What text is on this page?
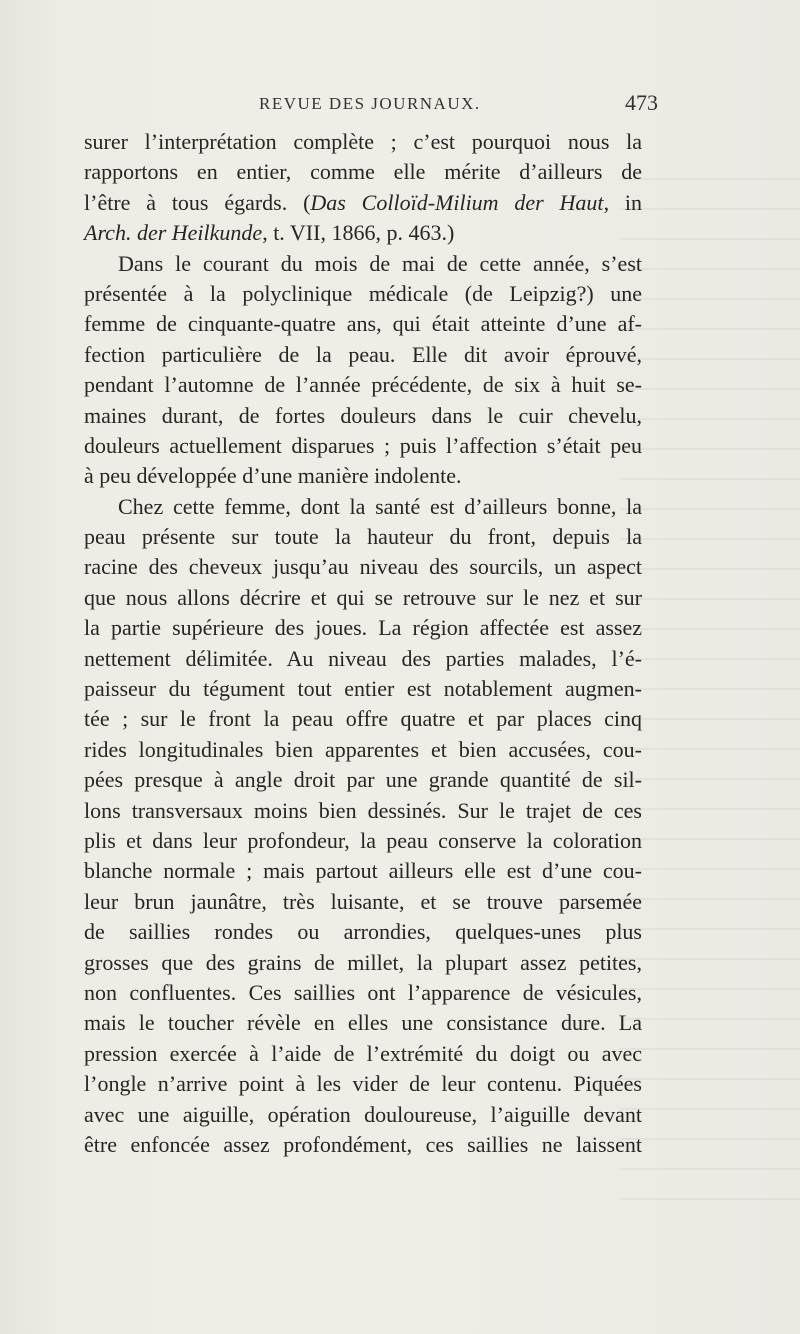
REVUE DES JOURNAUX.	473
surer l’interprétation complète ; c’est pourquoi nous la
rapportons en entier, comme elle mérite d’ailleurs de
l’être à tous égards. (Das Colloïd-Milium der Haut, in
Arch. der Heilkunde, t. VII, 1866, p. 463.)
Dans le courant du mois de mai de cette année, s’est
présentée à la polyclinique médicale (de Leipzig?) une
femme de cinquante-quatre ans, qui était atteinte d’une af-
fection particulière de la peau. Elle dit avoir éprouvé,
pendant l’automne de l’année précédente, de six à huit se-
maines durant, de fortes douleurs dans le cuir chevelu,
douleurs actuellement disparues ; puis l’affection s’était peu
à peu développée d’une manière indolente.
Chez cette femme, dont la santé est d’ailleurs bonne, la
peau présente sur toute la hauteur du front, depuis la
racine des cheveux jusqu’au niveau des sourcils, un aspect
que nous allons décrire et qui se retrouve sur le nez et sur
la partie supérieure des joues. La région affectée est assez
nettement délimitée. Au niveau des parties malades, l’é-
paisseur du tégument tout entier est notablement augmen-
tée ; sur le front la peau offre quatre et par places cinq
rides longitudinales bien apparentes et bien accusées, cou-
pées presque à angle droit par une grande quantité de sil-
lons transversaux moins bien dessinés. Sur le trajet de ces
plis et dans leur profondeur, la peau conserve la coloration
blanche normale ; mais partout ailleurs elle est d’une cou-
leur brun jaunâtre, très luisante, et se trouve parsemée
de saillies rondes ou arrondies, quelques-unes plus
grosses que des grains de millet, la plupart assez petites,
non confluentes. Ces saillies ont l’apparence de vésicules,
mais le toucher révèle en elles une consistance dure. La
pression exercée à l’aide de l’extrémité du doigt ou avec
l’ongle n’arrive point à les vider de leur contenu. Piquées
avec une aiguille, opération douloureuse, l’aiguille devant
être enfoncée assez profondément, ces saillies ne laissent
